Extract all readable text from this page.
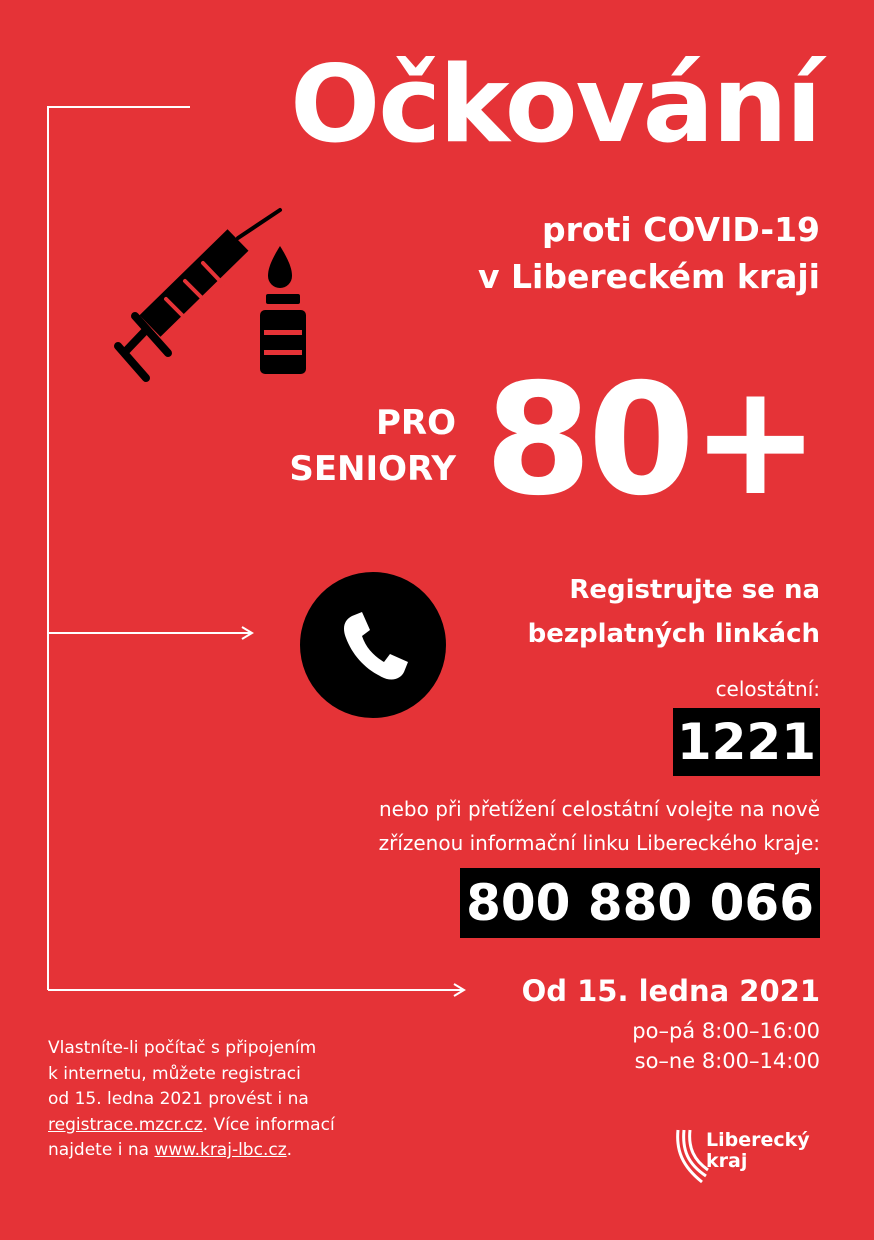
Očkování
proti COVID-19
v Libereckém kraji
PRO
SENIORY 80+
Registrujte se na
bezplatných linkách
celostátní:
1221
nebo při přetížení celostátní volejte na nově
zřízenou informační linku Libereckého kraje:
800 880 066
Od 15. ledna 2021
po–pá 8:00–16:00
so–ne 8:00–14:00
Vlastníte-li počítač s připojením
k internetu, můžete registraci
od 15. ledna 2021 provést i na
registrace.mzcr.cz. Více informací
najdete i na www.kraj-lbc.cz.	Liberecký
kraj
